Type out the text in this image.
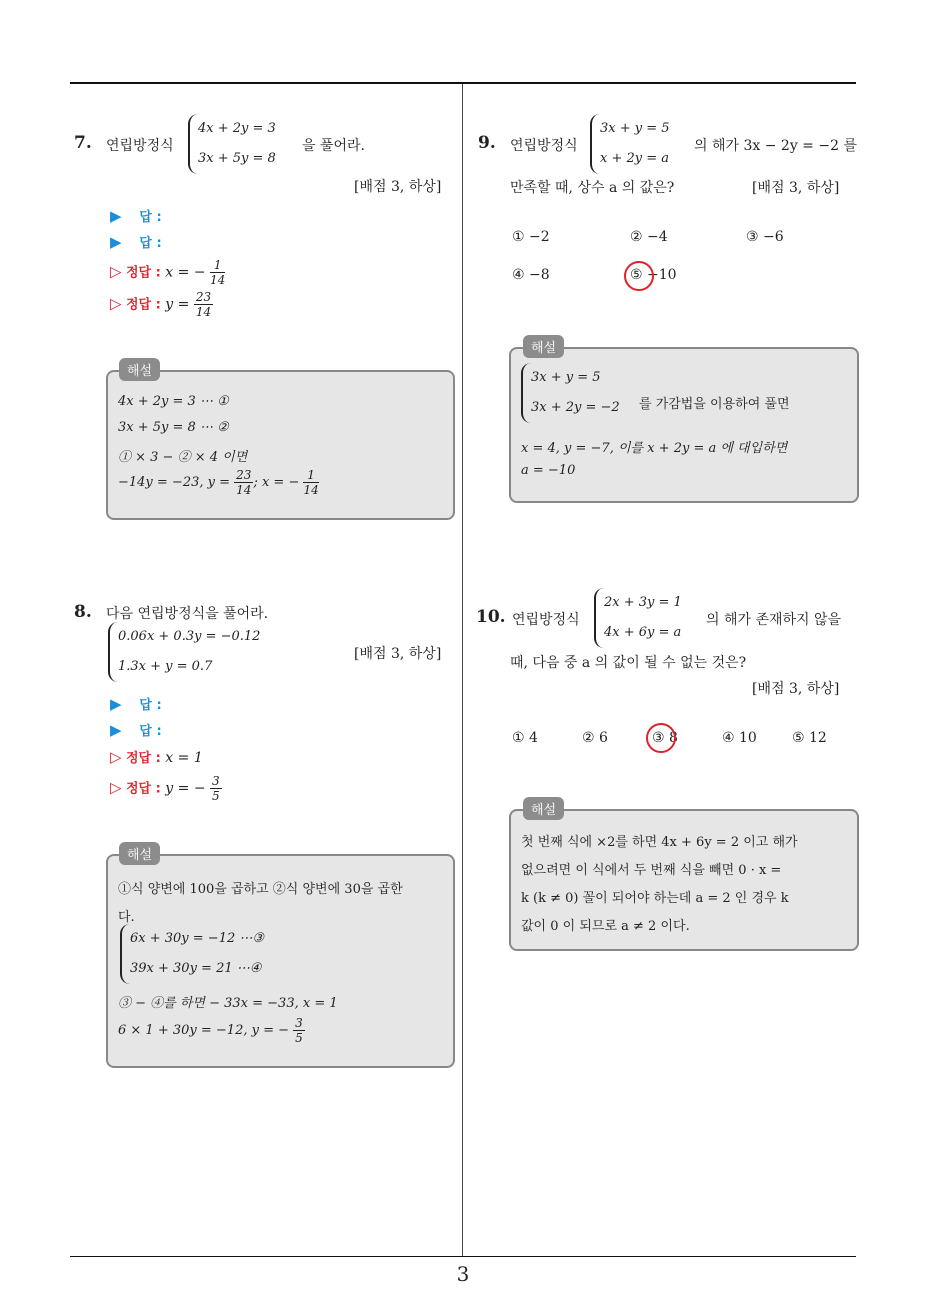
7. 연립방정식
4x + 2y = 3
3x + 5y = 8
을 풀어라.
[배점 3, 하상]
▶ 답 :
▶ 답 :
▷ 정답 : x = − $\frac{1}{14}$
▷ 정답 : $y = \frac{23}{14}$
4x + 2y = 3 ⋯ ①
3x + 5y = 8 ⋯ ②
① × 3 − ② × 4 이면
−14y = −23, $y = \frac{23}{14}$ ; x = − $\frac{1}{14}$
해설
8. 다음 연립방정식을 풀어라.
0.06x + 0.3y = −0.12
1.3x + y = 0.7
[배점 3, 하상]
▶ 답 :
▶ 답 :
▷ 정답 : x = 1
▷ 정답 : y = − $\frac{3}{5}$
①식 양변에 100을 곱하고 ②식 양변에 30을 곱한
다.
6x + 30y = −12 ⋯③
39x + 30y = 21 ⋯④
③ − ④를 하면 − 33x = −33, x = 1
6 × 1 + 30y = −12, y = − $\frac{3}{5}$
해설
9. 연립방정식
3x + y = 5
x + 2y = a
의 해가 3x − 2y = −2 를
만족할 때, 상수 a 의 값은?	[배점 3, 하상]
① −2	② −4	③ −6
④ −8	⑤ −10
3x + y = 5
3x + 2y = −2 를 가감법을 이용하여 풀면
x = 4, y = −7, 이를 x + 2y = a 에 대입하면
a = −10
해설
10. 연립방정식
2x + 3y = 1
4x + 6y = a
의 해가 존재하지 않을
때, 다음 중 a 의 값이 될 수 없는 것은?
[배점 3, 하상]
① 4	② 6	③ 8	④ 10	⑤ 12
첫 번째 식에 ×2를 하면 4x + 6y = 2 이고 해가
없으려면 이 식에서 두 번째 식을 빼면 0 · x =
k (k ≠ 0) 꼴이 되어야 하는데 a = 2 인 경우 k
값이 0 이 되므로 a ≠ 2 이다.
해설
3
